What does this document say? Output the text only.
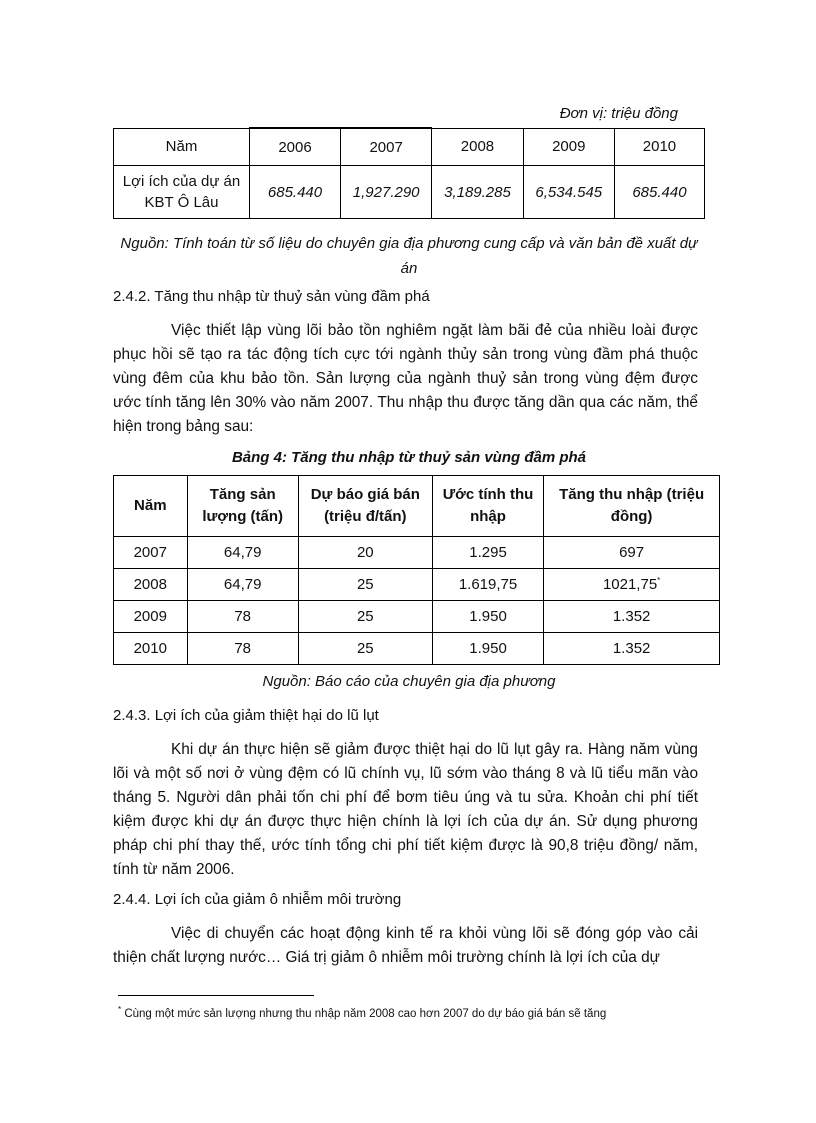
Đơn vị: triệu đồng
Năm	2006	2007	2008	2009	2010
Lợi ích của dự án KBT Ô Lâu	685.440	1,927.290	3,189.285	6,534.545	685.440
Nguồn: Tính toán từ số liệu do chuyên gia địa phương cung cấp và văn bản đề xuất dự án
2.4.2. Tăng thu nhập từ thuỷ sản vùng đầm phá
Việc thiết lập vùng lõi bảo tồn nghiêm ngặt làm bãi đẻ của nhiều loài được phục hồi sẽ tạo ra tác động tích cực tới ngành thủy sản trong vùng đầm phá thuộc vùng đêm của khu bảo tồn. Sản lượng của ngành thuỷ sản trong vùng đệm được ước tính tăng lên 30% vào năm 2007. Thu nhập thu được tăng dần qua các năm, thể hiện trong bảng sau:
Bảng 4: Tăng thu nhập từ thuỷ sản vùng đầm phá
Năm	Tăng sản lượng (tấn)	Dự báo giá bán (triệu đ/tấn)	Ước tính thu nhập	Tăng thu nhập (triệu đồng)
2007	64,79	20	1.295	697
2008	64,79	25	1.619,75	1021,75*
2009	78	25	1.950	1.352
2010	78	25	1.950	1.352
Nguồn: Báo cáo của chuyên gia địa phương
2.4.3. Lợi ích của giảm thiệt hại do lũ lụt
Khi dự án thực hiện sẽ giảm được thiệt hại do lũ lụt gây ra. Hàng năm vùng lõi và một số nơi ở vùng đệm có lũ chính vụ, lũ sớm vào tháng 8 và lũ tiểu mãn vào tháng 5. Người dân phải tốn chi phí để bơm tiêu úng và tu sửa. Khoản chi phí tiết kiệm được khi dự án được thực hiện chính là lợi ích của dự án. Sử dụng phương pháp chi phí thay thế, ước tính tổng chi phí tiết kiệm được là 90,8 triệu đồng/ năm, tính từ năm 2006.
2.4.4. Lợi ích của giảm ô nhiễm môi trường
Việc di chuyển các hoạt động kinh tế ra khỏi vùng lõi sẽ đóng góp vào cải thiện chất lượng nước… Giá trị giảm ô nhiễm môi trường chính là lợi ích của dự
* Cùng một mức sản lượng nhưng thu nhập năm 2008 cao hơn 2007 do dự báo giá bán sẽ tăng
